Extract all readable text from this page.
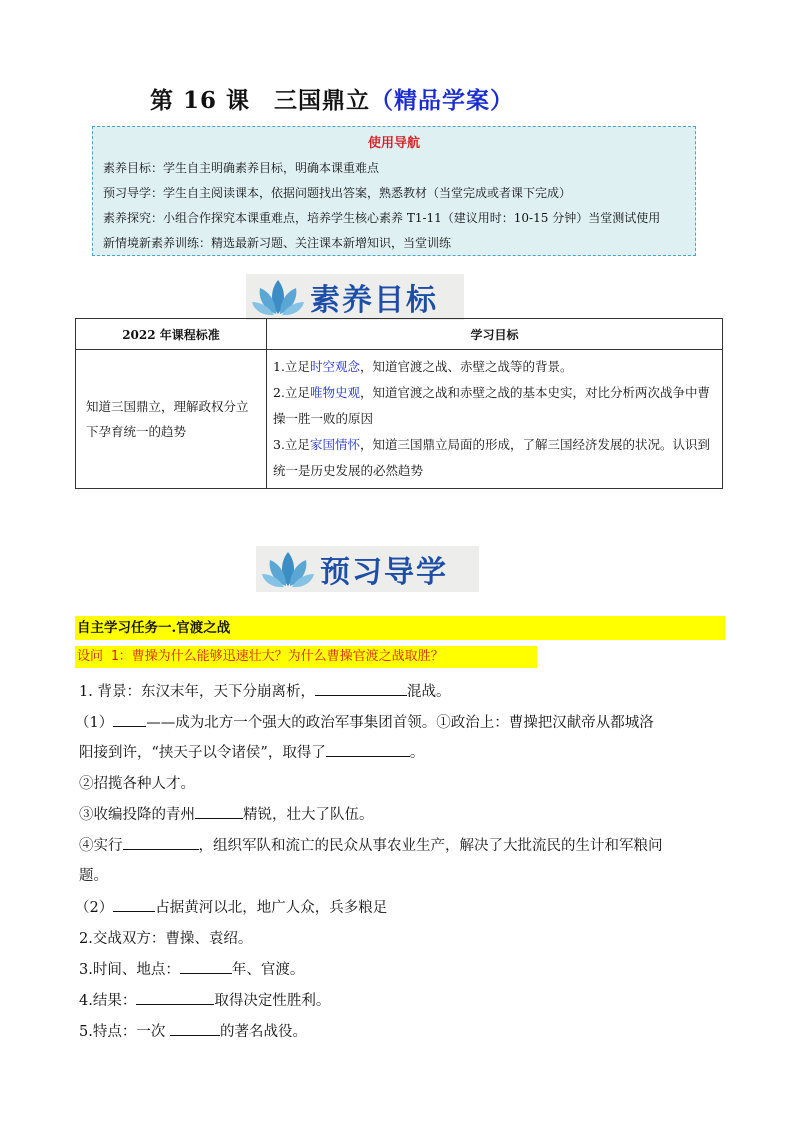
第 16 课　三国鼎立（精品学案）
使用导航
素养目标：学生自主明确素养目标，明确本课重难点
预习导学：学生自主阅读课本，依据问题找出答案，熟悉教材（当堂完成或者课下完成）
素养探究：小组合作探究本课重难点，培养学生核心素养 T1-11（建议用时：10-15 分钟）当堂测试使用
新情境新素养训练：精选最新习题、关注课本新增知识，当堂训练
素养目标
2022 年课程标准	学习目标
知道三国鼎立，理解政权分立下孕育统一的趋势	1.立足时空观念，知道官渡之战、赤壁之战等的背景。
2.立足唯物史观，知道官渡之战和赤壁之战的基本史实，对比分析两次战争中曹操一胜一败的原因
3.立足家国情怀，知道三国鼎立局面的形成，了解三国经济发展的状况。认识到统一是历史发展的必然趋势
预习导学
自主学习任务一.官渡之战
设问 1：曹操为什么能够迅速壮大？为什么曹操官渡之战取胜？
1. 背景：东汉末年，天下分崩离析，	混战。
（1） ——成为北方一个强大的政治军事集团首领。①政治上：曹操把汉献帝从都城洛
阳接到许，“挟天子以令诸侯”，取得了	。
②招揽各种人才。
③收编投降的青州	精锐，壮大了队伍。
④实行	，组织军队和流亡的民众从事农业生产，解决了大批流民的生计和军粮问
题。
（2）	占据黄河以北，地广人众，兵多粮足
2.交战双方：曹操、袁绍。
3.时间、地点：	年、官渡。
4.结果：	取得决定性胜利。
5.特点：一次	的著名战役。
